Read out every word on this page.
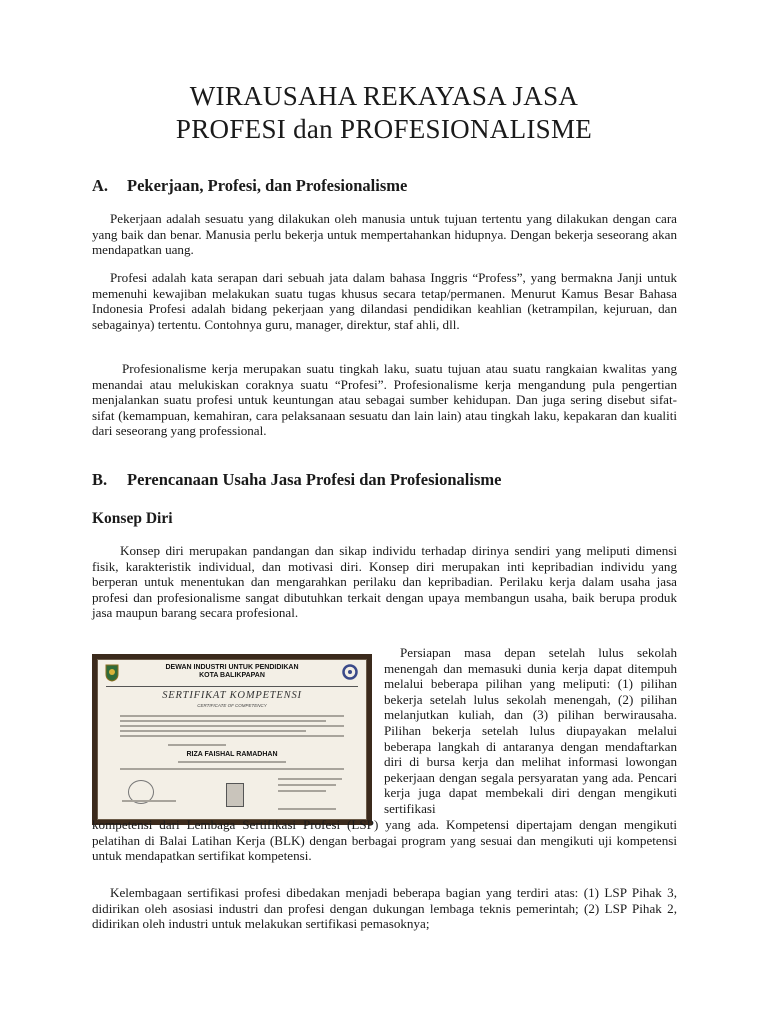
WIRAUSAHA REKAYASA JASA
PROFESI dan PROFESIONALISME
A. Pekerjaan, Profesi, dan Profesionalisme

Pekerjaan adalah sesuatu yang dilakukan oleh manusia untuk tujuan tertentu yang dilakukan dengan cara yang baik dan benar. Manusia perlu bekerja untuk mempertahankan hidupnya. Dengan bekerja seseorang akan mendapatkan uang.

Profesi adalah kata serapan dari sebuah jata dalam bahasa Inggris “Profess”, yang bermakna Janji untuk memenuhi kewajiban melakukan suatu tugas khusus secara tetap/permanen. Menurut Kamus Besar Bahasa Indonesia Profesi adalah bidang pekerjaan yang dilandasi pendidikan keahlian (ketrampilan, kejuruan, dan sebagainya) tertentu. Contohnya guru, manager, direktur, staf ahli, dll.

Profesionalisme kerja merupakan suatu tingkah laku, suatu tujuan atau suatu rangkaian kwalitas yang menandai atau melukiskan coraknya suatu “Profesi”. Profesionalisme kerja mengandung pula pengertian menjalankan suatu profesi untuk keuntungan atau sebagai sumber kehidupan. Dan juga sering disebut sifat-sifat (kemampuan, kemahiran, cara pelaksanaan sesuatu dan lain lain) atau tingkah laku, kepakaran dan kualiti dari seseorang yang professional.

B. Perencanaan Usaha Jasa Profesi dan Profesionalisme
Konsep Diri

Konsep diri merupakan pandangan dan sikap individu terhadap dirinya sendiri yang meliputi dimensi fisik, karakteristik individual, dan motivasi diri. Konsep diri merupakan inti kepribadian individu yang berperan untuk menentukan dan mengarahkan perilaku dan kepribadian. Perilaku kerja dalam usaha jasa profesi dan profesionalisme sangat dibutuhkan terkait dengan upaya membangun usaha, baik berupa produk jasa maupun barang secara profesional.

DEWAN INDUSTRI UNTUK PENDIDIKAN
KOTA BALIKPAPAN
SERTIFIKAT KOMPETENSI
CERTIFICATE OF COMPETENCY
RIZA FAISHAL RAMADHAN

Persiapan masa depan setelah lulus sekolah menengah dan memasuki dunia kerja dapat ditempuh melalui beberapa pilihan yang meliputi: (1) pilihan bekerja setelah lulus sekolah menengah, (2) pilihan melanjutkan kuliah, dan (3) pilihan berwirausaha. Pilihan bekerja setelah lulus diupayakan melalui beberapa langkah di antaranya dengan mendaftarkan diri di bursa kerja dan melihat informasi lowongan pekerjaan dengan segala persyaratan yang ada. Pencari kerja juga dapat membekali diri dengan mengikuti sertifikasi

kompetensi dari Lembaga Sertifikasi Profesi (LSP) yang ada. Kompetensi dipertajam dengan mengikuti pelatihan di Balai Latihan Kerja (BLK) dengan berbagai program yang sesuai dan mengikuti uji kompetensi untuk mendapatkan sertifikat kompetensi.

Kelembagaan sertifikasi profesi dibedakan menjadi beberapa bagian yang terdiri atas: (1) LSP Pihak 3, didirikan oleh asosiasi industri dan profesi dengan dukungan lembaga teknis pemerintah; (2) LSP Pihak 2, didirikan oleh industri untuk melakukan sertifikasi pemasoknya;
